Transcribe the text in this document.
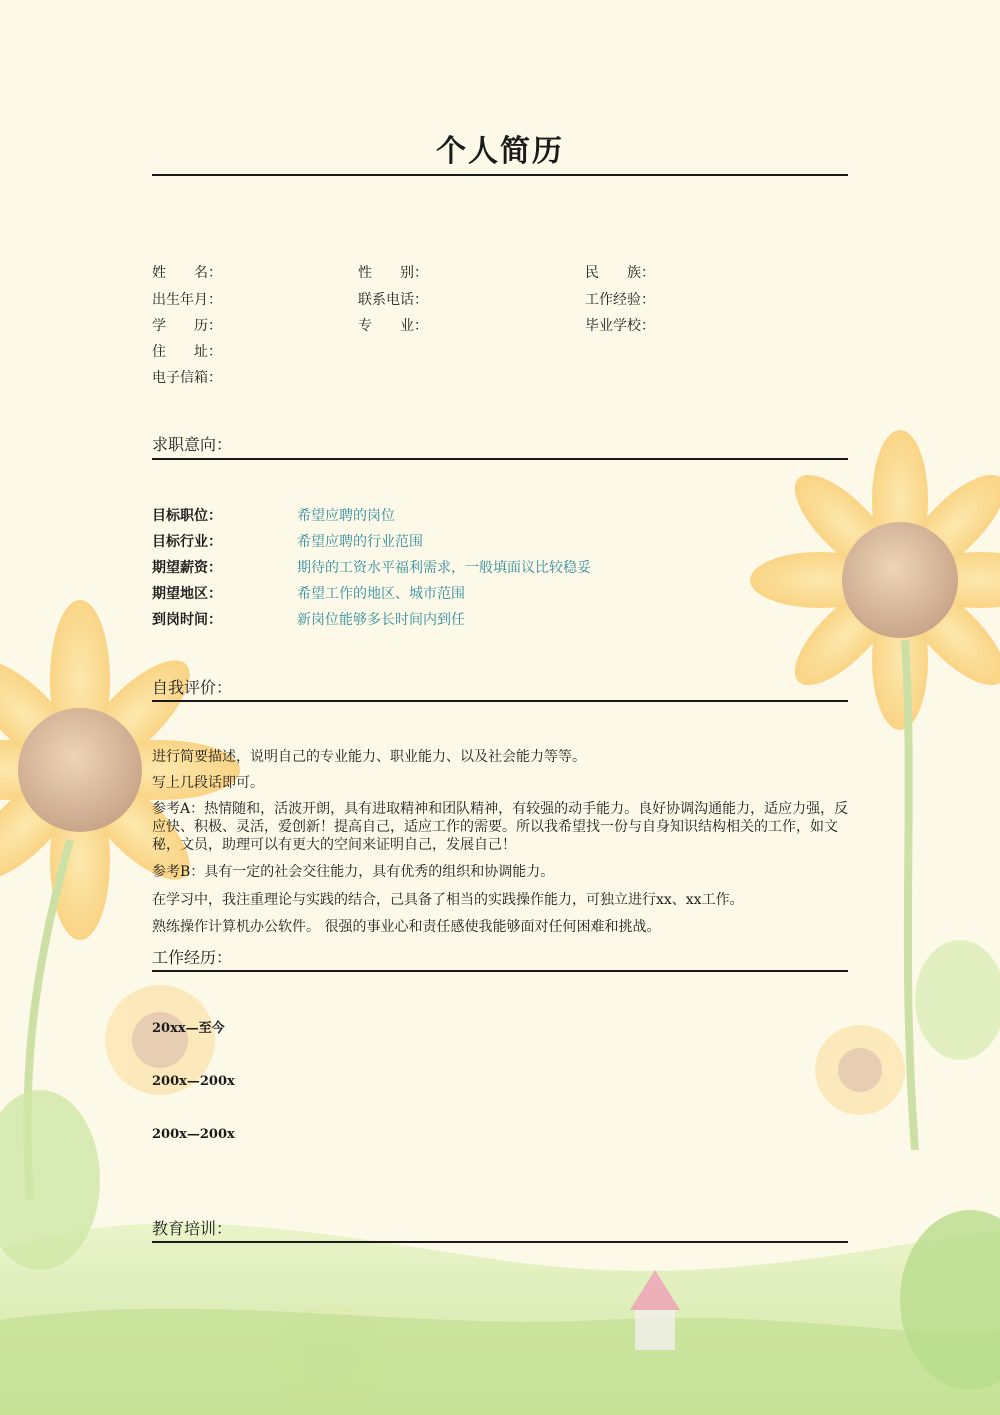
个人简历
姓　　名：	性　　别：	民　　族：
出生年月：	联系电话：	工作经验：
学　　历：	专　　业：	毕业学校：
住　　址：
电子信箱：
求职意向：
目标职位：	希望应聘的岗位
目标行业：	希望应聘的行业范围
期望薪资：	期待的工资水平福利需求，一般填面议比较稳妥
期望地区：	希望工作的地区、城市范围
到岗时间：	新岗位能够多长时间内到任
自我评价：
进行简要描述，说明自己的专业能力、职业能力、以及社会能力等等。
写上几段话即可。
参考A：热情随和，活波开朗，具有进取精神和团队精神，有较强的动手能力。良好协调沟通能力，适应力强，反应快、积极、灵活，爱创新！提高自己，适应工作的需要。所以我希望找一份与自身知识结构相关的工作，如文秘，文员，助理可以有更大的空间来证明自己，发展自己！
参考B：具有一定的社会交往能力，具有优秀的组织和协调能力。
在学习中，我注重理论与实践的结合，己具备了相当的实践操作能力，可独立进行xx、xx工作。
熟练操作计算机办公软件。 很强的事业心和责任感使我能够面对任何困难和挑战。
工作经历：
20xx—至今
200x—200x
200x—200x
教育培训：
